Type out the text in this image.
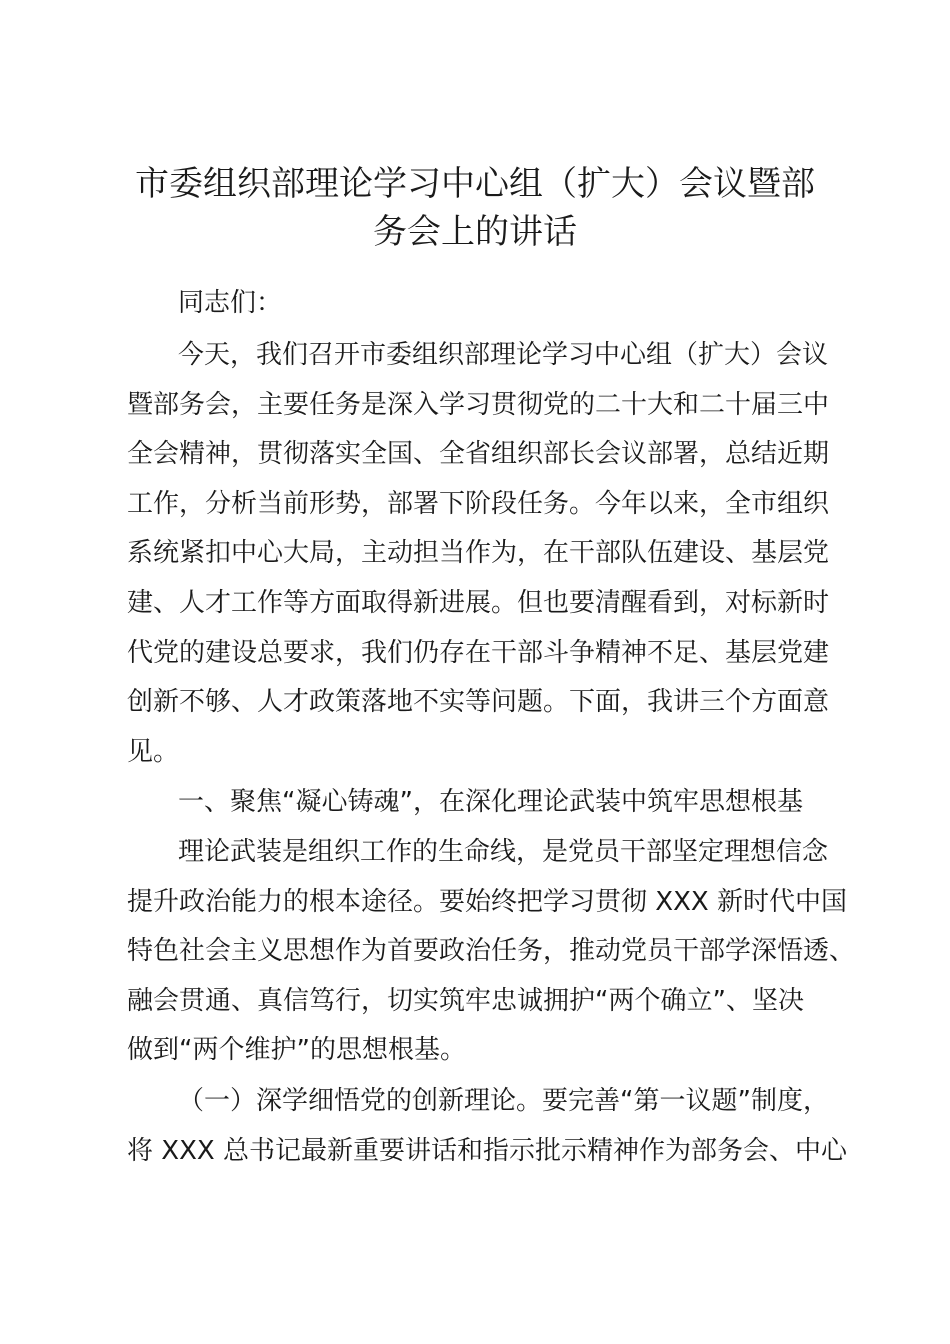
市委组织部理论学习中心组（扩大）会议暨部
务会上的讲话
同志们：
今天，我们召开市委组织部理论学习中心组（扩大）会议
暨部务会，主要任务是深入学习贯彻党的二十大和二十届三中
全会精神，贯彻落实全国、全省组织部长会议部署，总结近期
工作，分析当前形势，部署下阶段任务。今年以来，全市组织
系统紧扣中心大局，主动担当作为，在干部队伍建设、基层党
建、人才工作等方面取得新进展。但也要清醒看到，对标新时
代党的建设总要求，我们仍存在干部斗争精神不足、基层党建
创新不够、人才政策落地不实等问题。下面，我讲三个方面意
见。
一、聚焦“凝心铸魂”，在深化理论武装中筑牢思想根基
理论武装是组织工作的生命线，是党员干部坚定理想信念
提升政治能力的根本途径。要始终把学习贯彻 XXX 新时代中国
特色社会主义思想作为首要政治任务，推动党员干部学深悟透、
融会贯通、真信笃行，切实筑牢忠诚拥护“两个确立”、坚决
做到“两个维护”的思想根基。
（一）深学细悟党的创新理论。要完善“第一议题”制度，
将 XXX 总书记最新重要讲话和指示批示精神作为部务会、中心
